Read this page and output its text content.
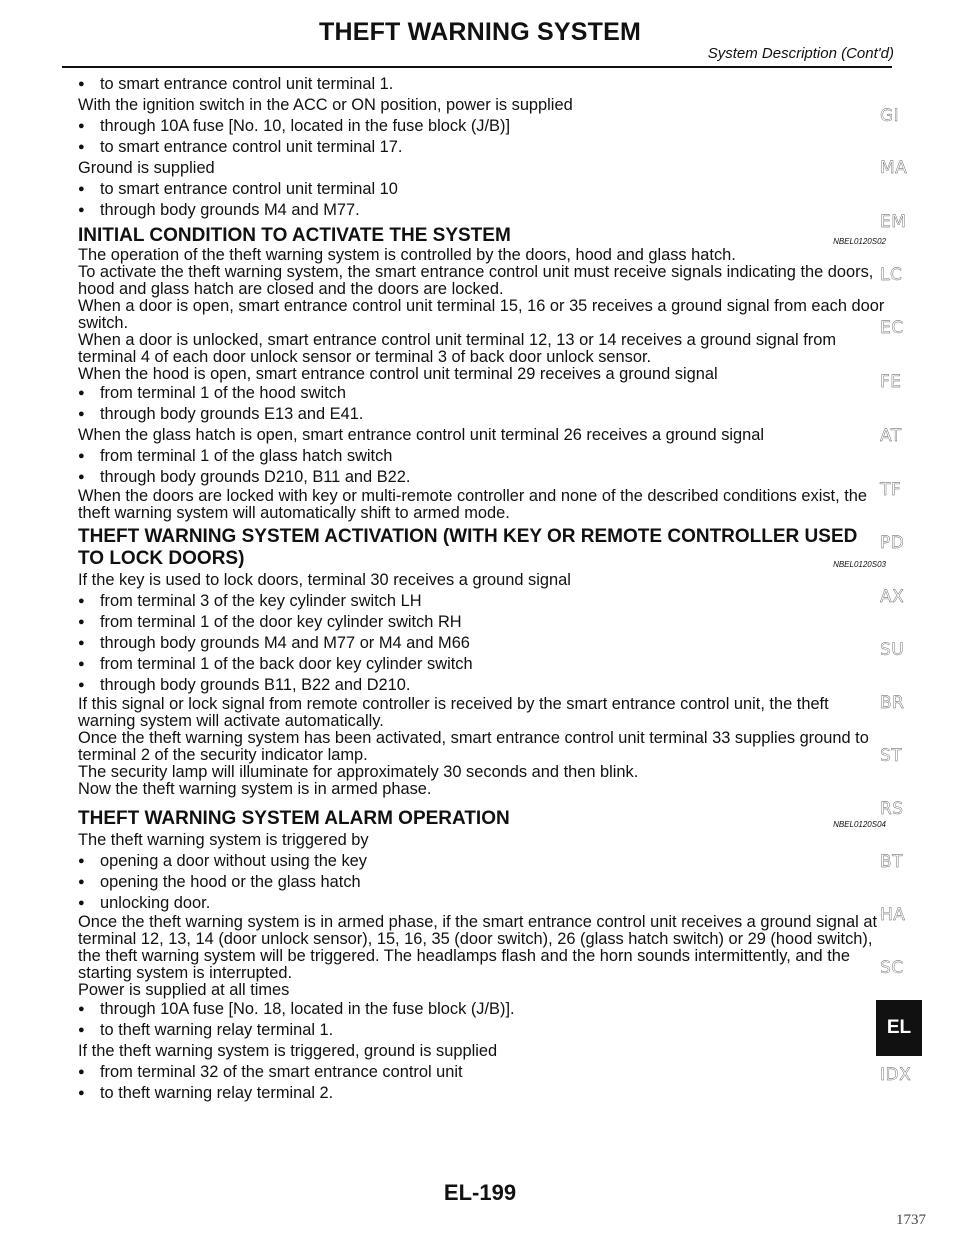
THEFT WARNING SYSTEM
System Description (Cont'd)

● to smart entrance control unit terminal 1.

With the ignition switch in the ACC or ON position, power is supplied

● through 10A fuse [No. 10, located in the fuse block (J/B)]

● to smart entrance control unit terminal 17.

Ground is supplied

● to smart entrance control unit terminal 10

● through body grounds M4 and M77.

INITIAL CONDITION TO ACTIVATE THE SYSTEM	NBEL0120S02

The operation of the theft warning system is controlled by the doors, hood and glass hatch.

To activate the theft warning system, the smart entrance control unit must receive signals indicating the doors, hood and glass hatch are closed and the doors are locked.

When a door is open, smart entrance control unit terminal 15, 16 or 35 receives a ground signal from each door switch.

When a door is unlocked, smart entrance control unit terminal 12, 13 or 14 receives a ground signal from terminal 4 of each door unlock sensor or terminal 3 of back door unlock sensor.

When the hood is open, smart entrance control unit terminal 29 receives a ground signal

● from terminal 1 of the hood switch

● through body grounds E13 and E41.

When the glass hatch is open, smart entrance control unit terminal 26 receives a ground signal

● from terminal 1 of the glass hatch switch

● through body grounds D210, B11 and B22.

When the doors are locked with key or multi-remote controller and none of the described conditions exist, the theft warning system will automatically shift to armed mode.

THEFT WARNING SYSTEM ACTIVATION (WITH KEY OR REMOTE CONTROLLER USED TO LOCK DOORS)	NBEL0120S03

If the key is used to lock doors, terminal 30 receives a ground signal

● from terminal 3 of the key cylinder switch LH

● from terminal 1 of the door key cylinder switch RH

● through body grounds M4 and M77 or M4 and M66

● from terminal 1 of the back door key cylinder switch

● through body grounds B11, B22 and D210.

If this signal or lock signal from remote controller is received by the smart entrance control unit, the theft warning system will activate automatically.

Once the theft warning system has been activated, smart entrance control unit terminal 33 supplies ground to terminal 2 of the security indicator lamp.

The security lamp will illuminate for approximately 30 seconds and then blink.

Now the theft warning system is in armed phase.

THEFT WARNING SYSTEM ALARM OPERATION	NBEL0120S04

The theft warning system is triggered by

● opening a door without using the key

● opening the hood or the glass hatch

● unlocking door.

Once the theft warning system is in armed phase, if the smart entrance control unit receives a ground signal at terminal 12, 13, 14 (door unlock sensor), 15, 16, 35 (door switch), 26 (glass hatch switch) or 29 (hood switch), the theft warning system will be triggered. The headlamps flash and the horn sounds intermittently, and the starting system is interrupted.

Power is supplied at all times

● through 10A fuse [No. 18, located in the fuse block (J/B)].

● to theft warning relay terminal 1.

If the theft warning system is triggered, ground is supplied

● from terminal 32 of the smart entrance control unit

● to theft warning relay terminal 2.

GI
MA
EM
LC
EC
FE
AT
TF
PD
AX
SU
BR
ST
RS
BT
HA
SC
EL
IDX
EL-199
1737
